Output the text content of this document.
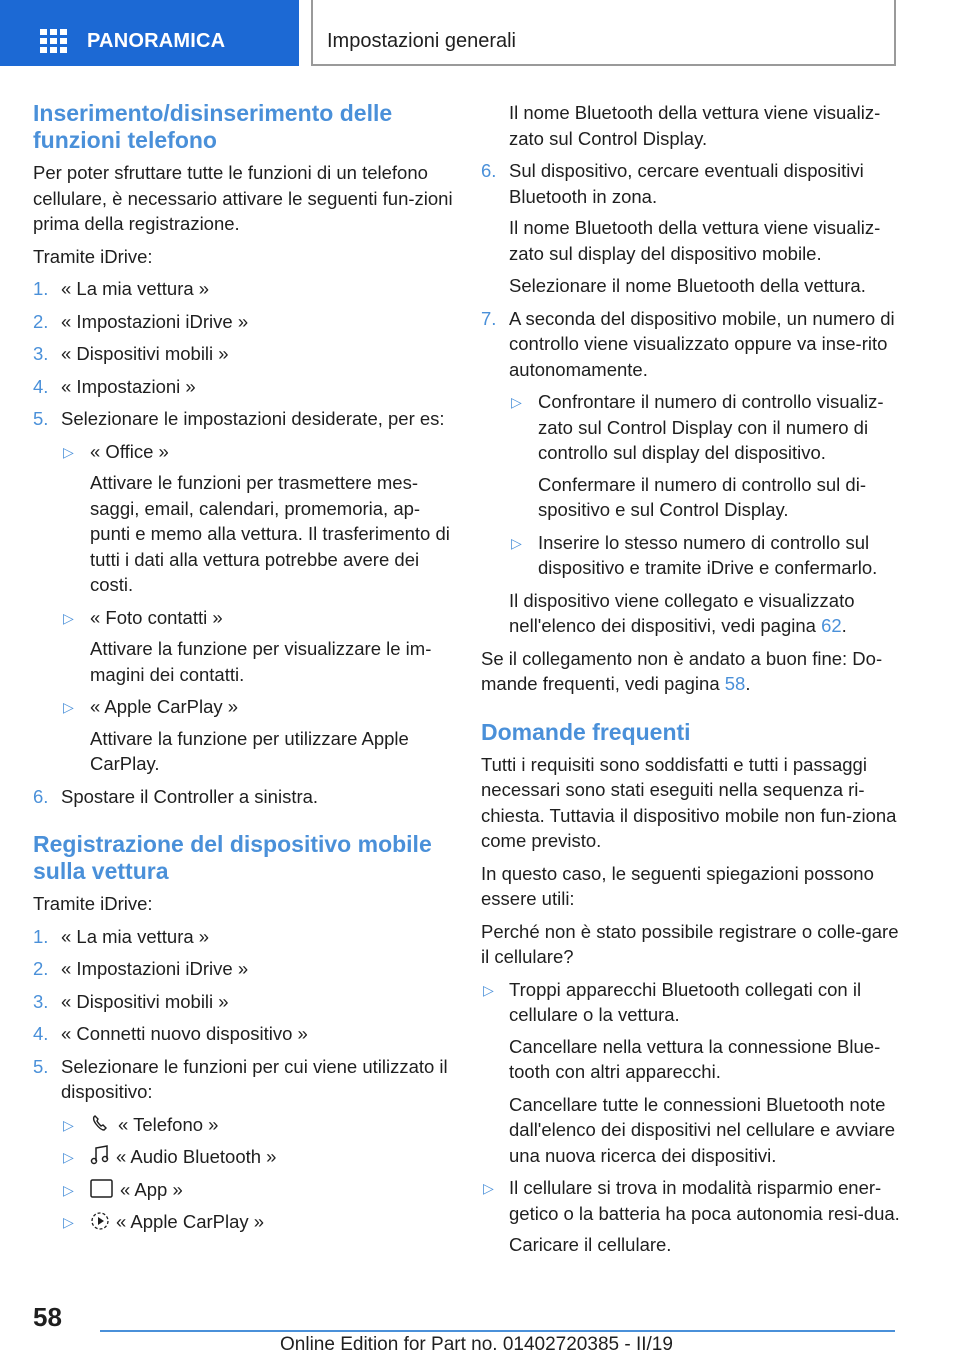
PANORAMICA	Impostazioni generali
Inserimento/disinserimento delle funzioni telefono

Per poter sfruttare tutte le funzioni di un telefono cellulare, è necessario attivare le seguenti fun-zioni prima della registrazione.

Tramite iDrive:

1. « La mia vettura »
2. « Impostazioni iDrive »
3. « Dispositivi mobili »
4. « Impostazioni »
5. Selezionare le impostazioni desiderate, per es:
▷ « Office »

Attivare le funzioni per trasmettere mes-saggi, email, calendari, promemoria, ap-punti e memo alla vettura. Il trasferimento di tutti i dati alla vettura potrebbe avere dei costi.

▷ « Foto contatti »

Attivare la funzione per visualizzare le im-magini dei contatti.

▷ « Apple CarPlay »

Attivare la funzione per utilizzare Apple CarPlay.

6. Spostare il Controller a sinistra.
Registrazione del dispositivo mobile sulla vettura

Tramite iDrive:

1. « La mia vettura »
2. « Impostazioni iDrive »
3. « Dispositivi mobili »
4. « Connetti nuovo dispositivo »
5. Selezionare le funzioni per cui viene utilizzato il dispositivo:
▷ « Telefono »
▷ « Audio Bluetooth »
▷ « App »
▷ « Apple CarPlay »

Il nome Bluetooth della vettura viene visualiz-zato sul Control Display.

6. Sul dispositivo, cercare eventuali dispositivi Bluetooth in zona.

Il nome Bluetooth della vettura viene visualiz-zato sul display del dispositivo mobile.

Selezionare il nome Bluetooth della vettura.

7. A seconda del dispositivo mobile, un numero di controllo viene visualizzato oppure va inse-rito autonomamente.
▷ Confrontare il numero di controllo visualiz-zato sul Control Display con il numero di controllo sul display del dispositivo.

Confermare il numero di controllo sul di-spositivo e sul Control Display.

▷ Inserire lo stesso numero di controllo sul dispositivo e tramite iDrive e confermarlo.

Il dispositivo viene collegato e visualizzato nell'elenco dei dispositivi, vedi pagina 62.

Se il collegamento non è andato a buon fine: Do-mande frequenti, vedi pagina 58.

Domande frequenti

Tutti i requisiti sono soddisfatti e tutti i passaggi necessari sono stati eseguiti nella sequenza ri-chiesta. Tuttavia il dispositivo mobile non fun-ziona come previsto.

In questo caso, le seguenti spiegazioni possono essere utili:

Perché non è stato possibile registrare o colle-gare il cellulare?

▷ Troppi apparecchi Bluetooth collegati con il cellulare o la vettura.

Cancellare nella vettura la connessione Blue-tooth con altri apparecchi.

Cancellare tutte le connessioni Bluetooth note dall'elenco dei dispositivi nel cellulare e avviare una nuova ricerca dei dispositivi.

▷ Il cellulare si trova in modalità risparmio ener-getico o la batteria ha poca autonomia resi-dua.

Caricare il cellulare.

58
Online Edition for Part no. 01402720385 - II/19
